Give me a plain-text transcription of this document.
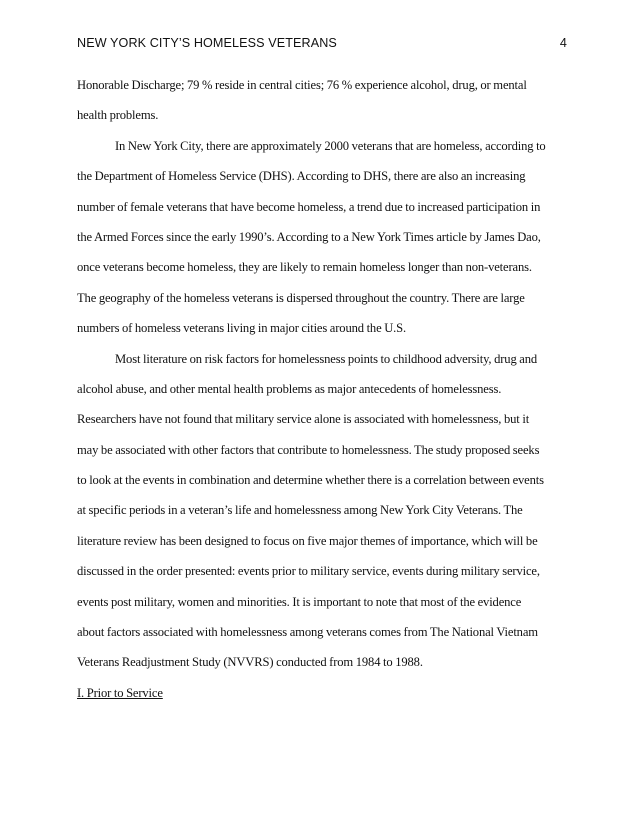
NEW YORK CITY’S HOMELESS VETERANS	4
Honorable Discharge; 79 % reside in central cities; 76 % experience alcohol, drug, or mental
health problems.
In New York City, there are approximately 2000 veterans that are homeless, according to
the Department of Homeless Service (DHS). According to DHS, there are also an increasing
number of female veterans that have become homeless, a trend due to increased participation in
the Armed Forces since the early 1990’s. According to a New York Times article by James Dao,
once veterans become homeless, they are likely to remain homeless longer than non-veterans.
The geography of the homeless veterans is dispersed throughout the country. There are large
numbers of homeless veterans living in major cities around the U.S.
Most literature on risk factors for homelessness points to childhood adversity, drug and
alcohol abuse, and other mental health problems as major antecedents of homelessness.
Researchers have not found that military service alone is associated with homelessness, but it
may be associated with other factors that contribute to homelessness. The study proposed seeks
to look at the events in combination and determine whether there is a correlation between events
at specific periods in a veteran’s life and homelessness among New York City Veterans. The
literature review has been designed to focus on five major themes of importance, which will be
discussed in the order presented: events prior to military service, events during military service,
events post military, women and minorities. It is important to note that most of the evidence
about factors associated with homelessness among veterans comes from The National Vietnam
Veterans Readjustment Study (NVVRS) conducted from 1984 to 1988.
I. Prior to Service
